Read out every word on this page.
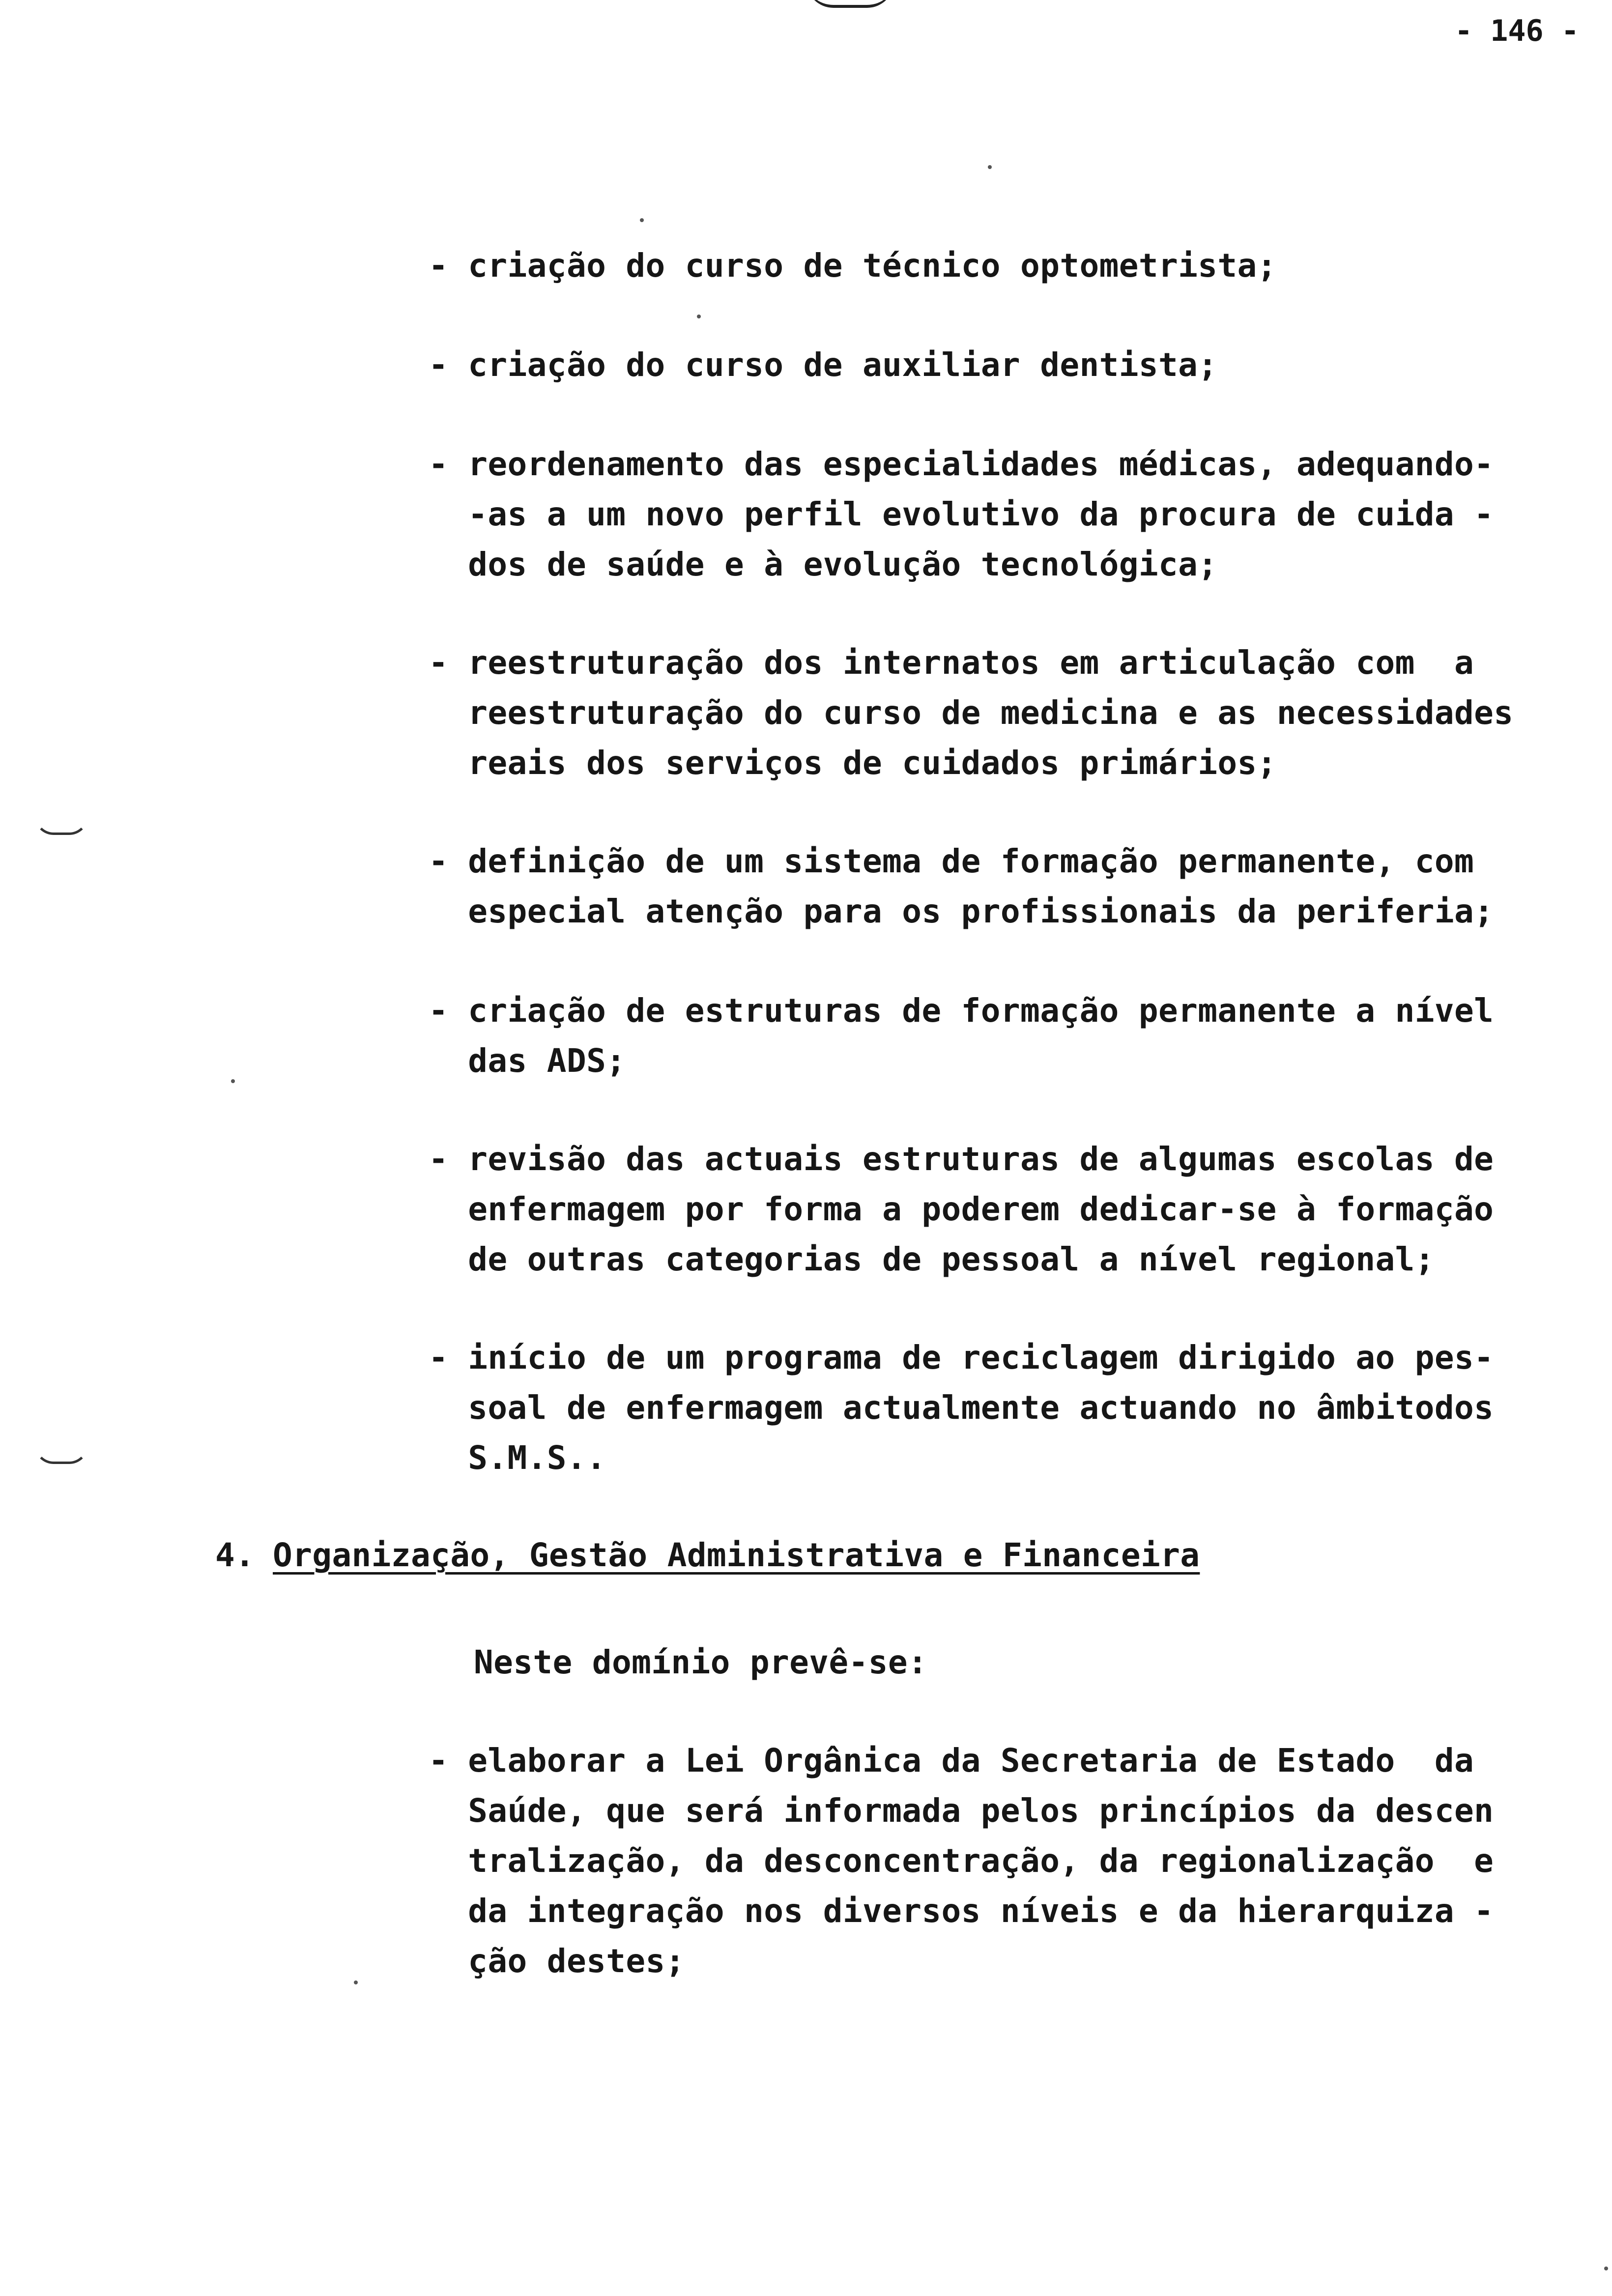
- 146 -
- criação do curso de técnico optometrista;
- criação do curso de auxiliar dentista;
- reordenamento das especialidades médicas, adequando-
-as a um novo perfil evolutivo da procura de cuida -
dos de saúde e à evolução tecnológica;
- reestruturação dos internatos em articulação com  a
reestruturação do curso de medicina e as necessidades
reais dos serviços de cuidados primários;
- definição de um sistema de formação permanente, com
especial atenção para os profissionais da periferia;
- criação de estruturas de formação permanente a nível
das ADS;
- revisão das actuais estruturas de algumas escolas de
enfermagem por forma a poderem dedicar-se à formação
de outras categorias de pessoal a nível regional;
- início de um programa de reciclagem dirigido ao pes-
soal de enfermagem actualmente actuando no âmbitodos
S.M.S..
4. Organização, Gestão Administrativa e Financeira
Neste domínio prevê-se:
- elaborar a Lei Orgânica da Secretaria de Estado  da
Saúde, que será informada pelos princípios da descen
tralização, da desconcentração, da regionalização  e
da integração nos diversos níveis e da hierarquiza -
ção destes;
